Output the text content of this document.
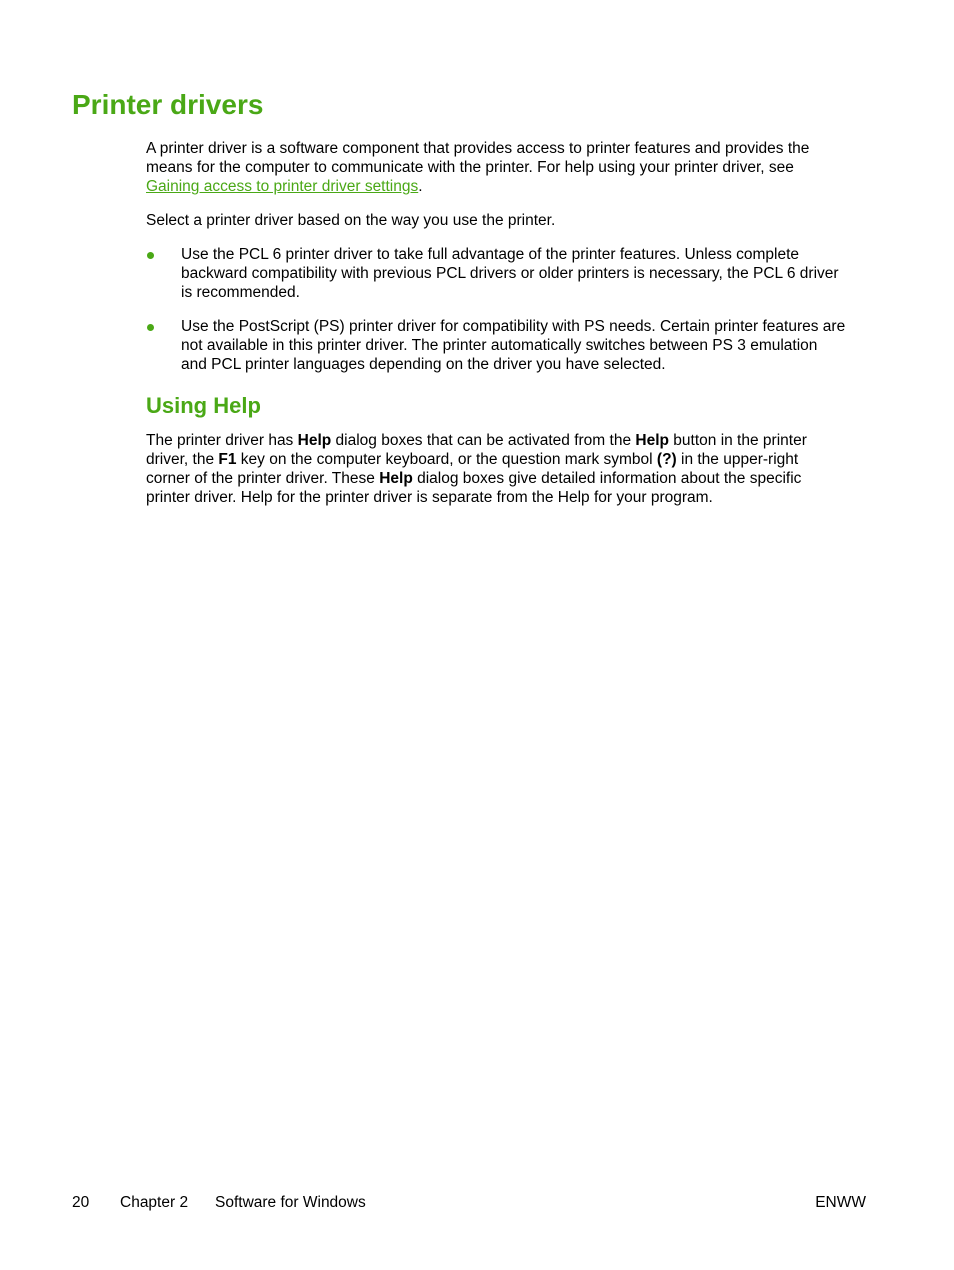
Printer drivers

A printer driver is a software component that provides access to printer features and provides the means for the computer to communicate with the printer. For help using your printer driver, see Gaining access to printer driver settings.

Select a printer driver based on the way you use the printer.

Use the PCL 6 printer driver to take full advantage of the printer features. Unless complete backward compatibility with previous PCL drivers or older printers is necessary, the PCL 6 driver is recommended.
Use the PostScript (PS) printer driver for compatibility with PS needs. Certain printer features are not available in this printer driver. The printer automatically switches between PS 3 emulation and PCL printer languages depending on the driver you have selected.
Using Help

The printer driver has Help dialog boxes that can be activated from the Help button in the printer driver, the F1 key on the computer keyboard, or the question mark symbol (?) in the upper-right corner of the printer driver. These Help dialog boxes give detailed information about the specific printer driver. Help for the printer driver is separate from the Help for your program.

20 Chapter 2 Software for Windows	ENWW
